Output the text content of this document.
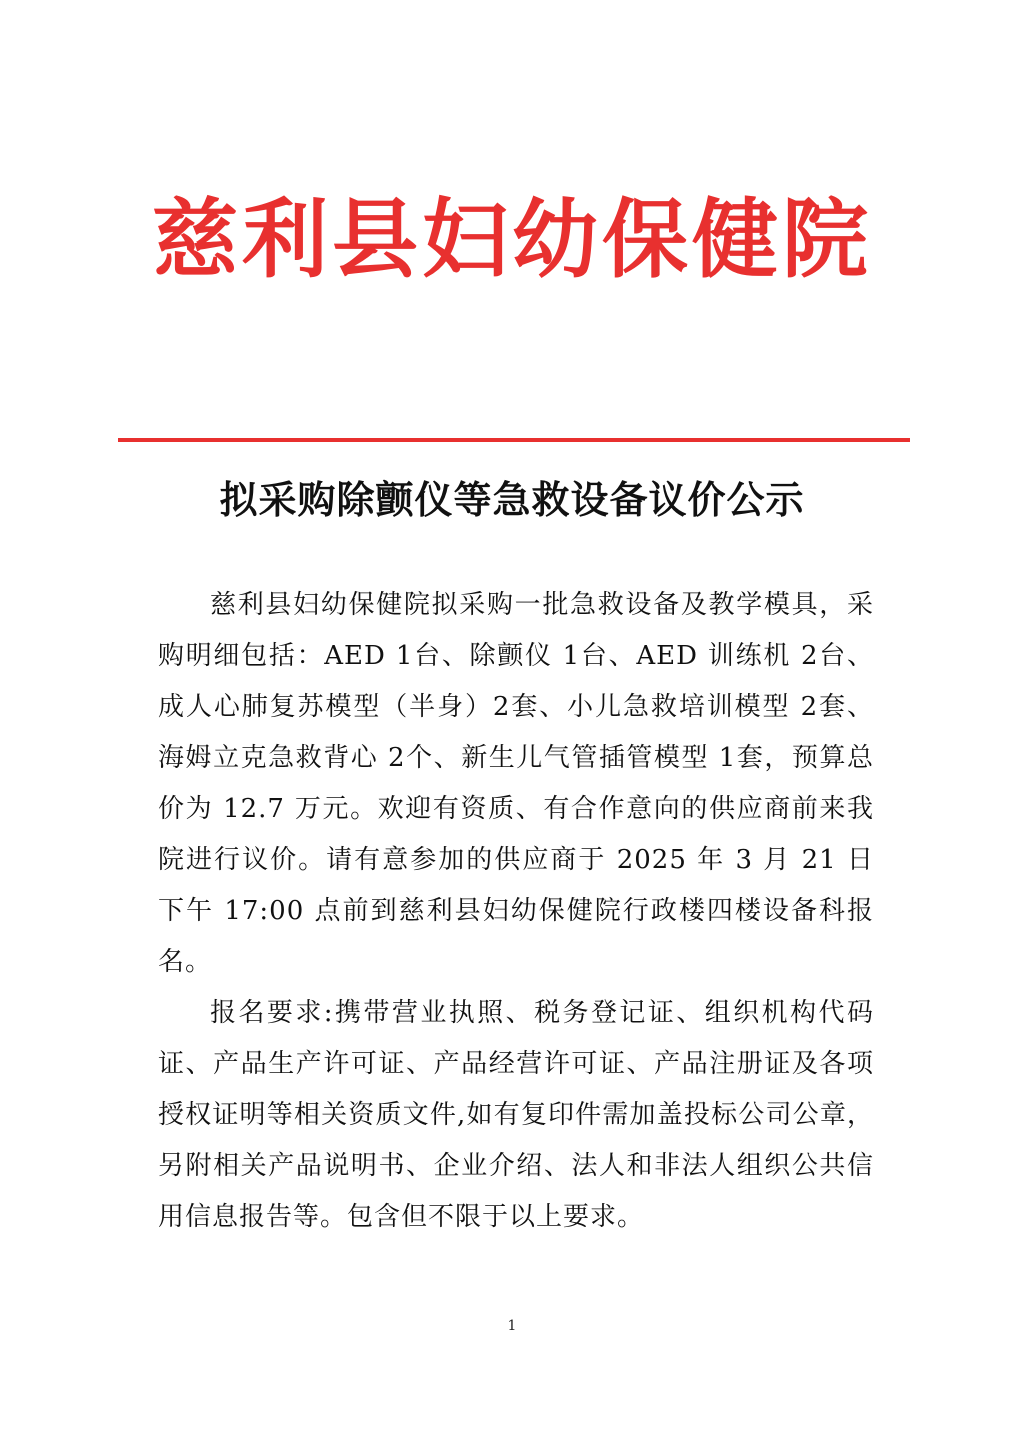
慈利县妇幼保健院
拟采购除颤仪等急救设备议价公示

慈利县妇幼保健院拟采购一批急救设备及教学模具，采购明细包括：AED 1台、除颤仪 1台、AED 训练机 2台、成人心肺复苏模型（半身）2套、小儿急救培训模型 2套、海姆立克急救背心 2个、新生儿气管插管模型 1套，预算总价为 12.7 万元。欢迎有资质、有合作意向的供应商前来我院进行议价。请有意参加的供应商于 2025 年 3 月 21 日下午 17:00 点前到慈利县妇幼保健院行政楼四楼设备科报名。

报名要求:携带营业执照、税务登记证、组织机构代码证、产品生产许可证、产品经营许可证、产品注册证及各项授权证明等相关资质文件,如有复印件需加盖投标公司公章，另附相关产品说明书、企业介绍、法人和非法人组织公共信用信息报告等。包含但不限于以上要求。

1
